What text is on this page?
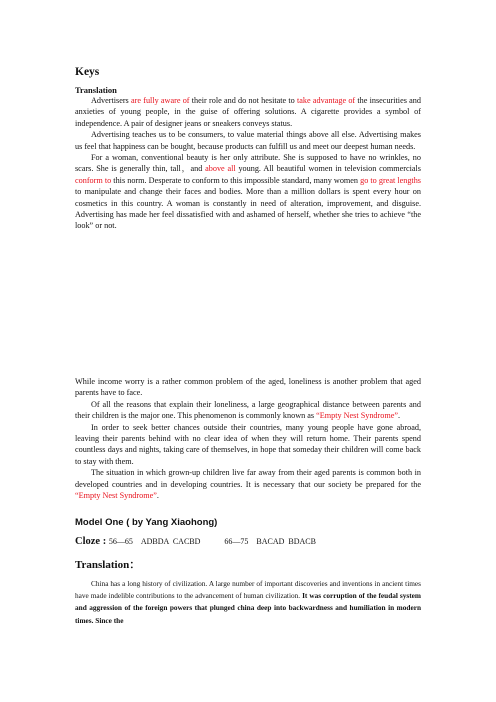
Keys
Translation

Advertisers are fully aware of their role and do not hesitate to take advantage of the insecurities and anxieties of young people, in the guise of offering solutions. A cigarette provides a symbol of independence. A pair of designer jeans or sneakers conveys status.

Advertising teaches us to be consumers, to value material things above all else. Advertising makes us feel that happiness can be bought, because products can fulfill us and meet our deepest human needs.

For a woman, conventional beauty is her only attribute. She is supposed to have no wrinkles, no scars. She is generally thin, tall，and above all young. All beautiful women in television commercials conform to this norm. Desperate to conform to this impossible standard, many women go to great lengths to manipulate and change their faces and bodies. More than a million dollars is spent every hour on cosmetics in this country. A woman is constantly in need of alteration, improvement, and disguise. Advertising has made her feel dissatisfied with and ashamed of herself, whether she tries to achieve “the look” or not.

While income worry is a rather common problem of the aged, loneliness is another problem that aged parents have to face.

Of all the reasons that explain their loneliness, a large geographical distance between parents and their children is the major one. This phenomenon is commonly known as “Empty Nest Syndrome”.

In order to seek better chances outside their countries, many young people have gone abroad, leaving their parents behind with no clear idea of when they will return home. Their parents spend countless days and nights, taking care of themselves, in hope that someday their children will come back to stay with them.

The situation in which grown-up children live far away from their aged parents is common both in developed countries and in developing countries. It is necessary that our society be prepared for the “Empty Nest Syndrome”.

Model One ( by Yang Xiaohong)
Cloze : 56—65 ADBDA  CACBD	66—75 BACAD  BDACB
Translation：

China has a long history of civilization. A large number of important discoveries and inventions in ancient times have made indelible contributions to the advancement of human civilization. It was corruption of the feudal system and aggression of the foreign powers that plunged china deep into backwardness and humiliation in modern times. Since the
